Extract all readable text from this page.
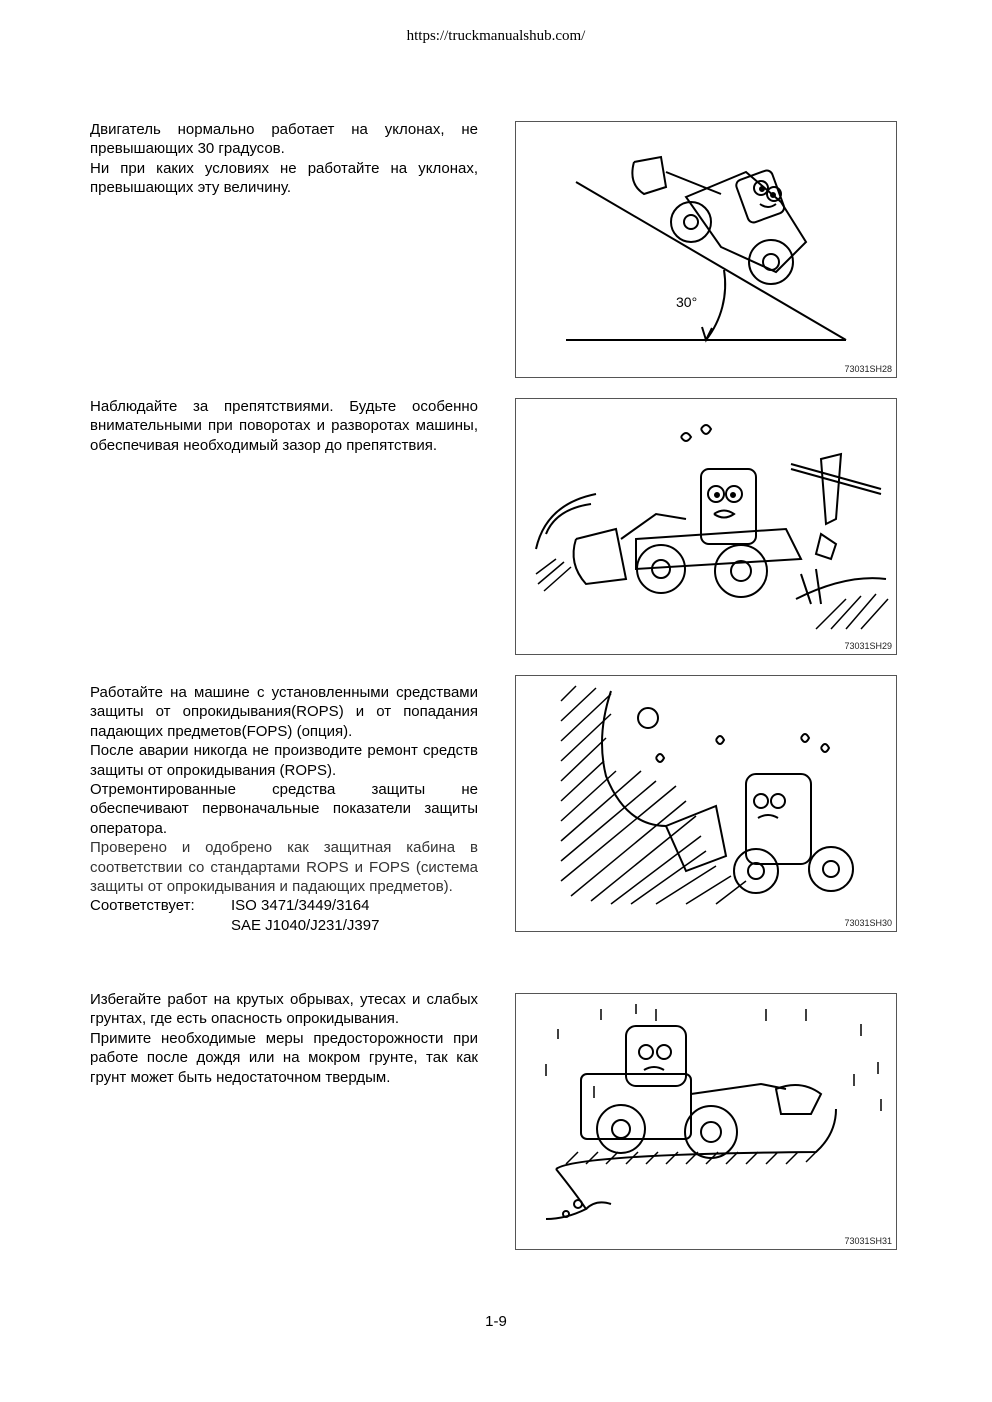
https://truckmanualshub.com/

Двигатель нормально работает на уклонах, не превышающих 30 градусов.

Ни при каких условиях не работайте на уклонах, превышающих эту величину.

30°
73031SH28

Наблюдайте за препятствиями. Будьте особенно внимательными при поворотах и разворотах машины, обеспечивая необходимый зазор до препятствия.

73031SH29

Работайте на машине с установленными средствами защиты от опрокидывания(ROPS) и от попадания падающих предметов(FOPS) (опция).

После аварии никогда не производите ремонт средств защиты от опрокидывания (ROPS).

Отремонтированные средства защиты не обеспечивают первоначальные показатели защиты оператора.

Проверено и одобрено как защитная кабина в соответствии со стандартами ROPS и FOPS (система защиты от опрокидывания и падающих предметов).

Соответствует:	ISO 3471/3449/3164
SAE J1040/J231/J397	73031SH30

Избегайте работ на крутых обрывах, утесах и слабых грунтах, где есть опасность опрокидывания.

Примите необходимые меры предосторожности при работе после дождя или на мокром грунте, так как грунт может быть недостаточном твердым.

73031SH31
1-9
